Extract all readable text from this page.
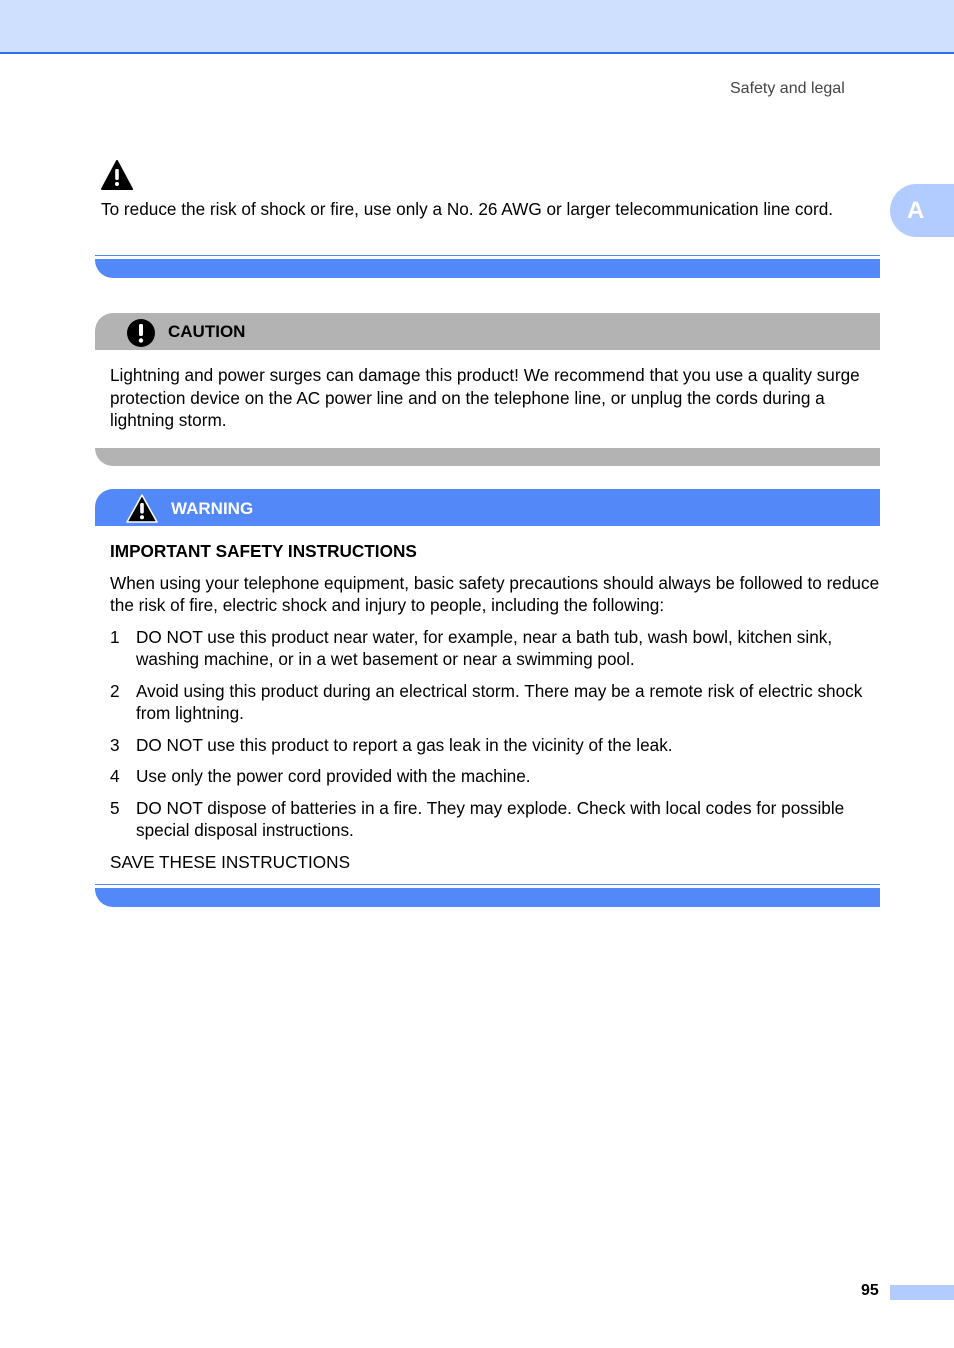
Safety and legal
A
To reduce the risk of shock or fire, use only a No. 26 AWG or larger telecommunication line cord.
CAUTION
Lightning and power surges can damage this product! We recommend that you use a quality surge protection device on the AC power line and on the telephone line, or unplug the cords during a lightning storm.
WARNING

IMPORTANT SAFETY INSTRUCTIONS

When using your telephone equipment, basic safety precautions should always be followed to reduce the risk of fire, electric shock and injury to people, including the following:

1 DO NOT use this product near water, for example, near a bath tub, wash bowl, kitchen sink, washing machine, or in a wet basement or near a swimming pool.
2 Avoid using this product during an electrical storm. There may be a remote risk of electric shock from lightning.
3 DO NOT use this product to report a gas leak in the vicinity of the leak.
4 Use only the power cord provided with the machine.
5 DO NOT dispose of batteries in a fire. They may explode. Check with local codes for possible special disposal instructions.

SAVE THESE INSTRUCTIONS

95
